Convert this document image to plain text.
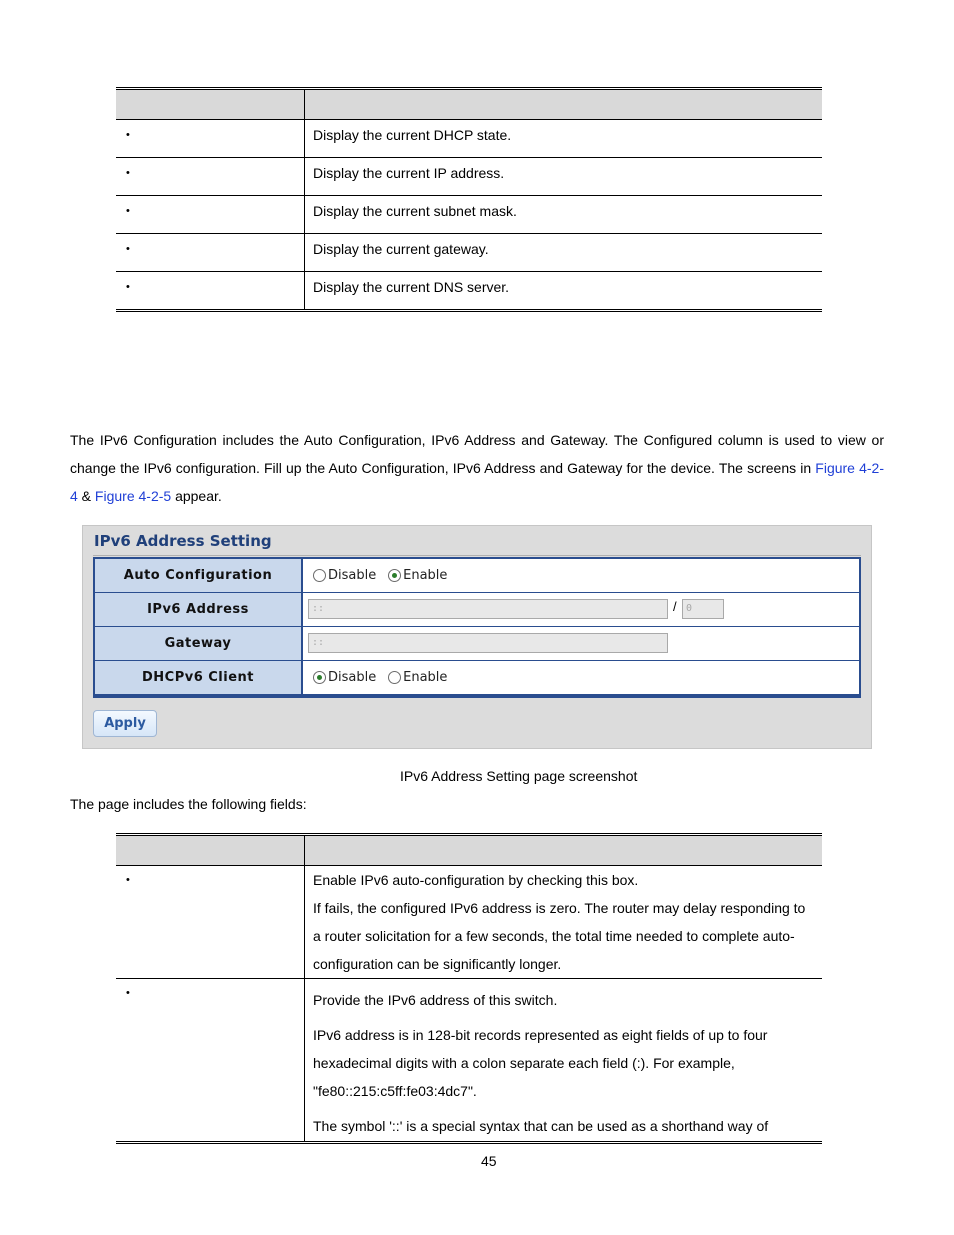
•	Display the current DHCP state.
•	Display the current IP address.
•	Display the current subnet mask.
•	Display the current gateway.
•	Display the current DNS server.
The IPv6 Configuration includes the Auto Configuration, IPv6 Address and Gateway. The Configured column is used to view or change the IPv6 configuration. Fill up the Auto Configuration, IPv6 Address and Gateway for the device. The screens in Figure 4-2-4 & Figure 4-2-5 appear.
IPv6 Address Setting
Auto Configuration	Disable Enable
IPv6 Address	::	/ 0
Gateway	::
DHCPv6 Client	Disable Enable
Apply
IPv6 Address Setting page screenshot
The page includes the following fields:
•	Enable IPv6 auto-configuration by checking this box.

If fails, the configured IPv6 address is zero. The router may delay responding to a router solicitation for a few seconds, the total time needed to complete auto-configuration can be significantly longer.

•	Provide the IPv6 address of this switch.

IPv6 address is in 128-bit records represented as eight fields of up to four hexadecimal digits with a colon separate each field (:). For example, "fe80::215:c5ff:fe03:4dc7".

The symbol '::' is a special syntax that can be used as a shorthand way of

45
